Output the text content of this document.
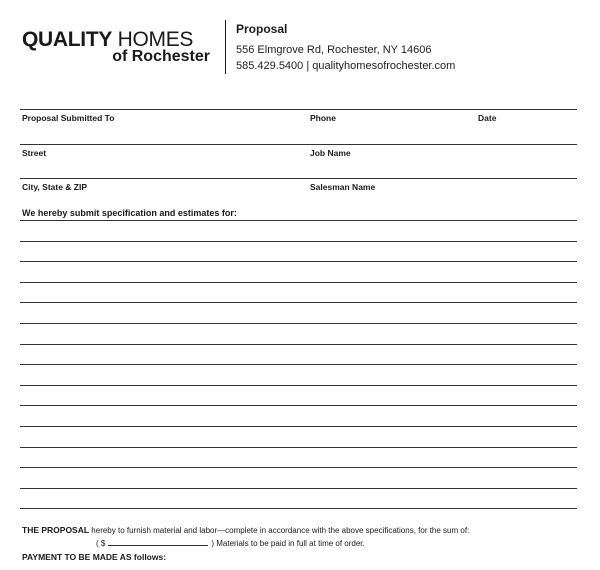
QUALITY HOMES
of Rochester
Proposal
556 Elmgrove Rd, Rochester, NY 14606
585.429.5400 | qualityhomesofrochester.com
Proposal Submitted To	Phone	Date
Street	Job Name
City, State & ZIP	Salesman Name
We hereby submit specification and estimates for:
THE PROPOSAL hereby to furnish material and labor—complete in accordance with the above specifications, for the sum of:
( $	) Materials to be paid in full at time of order.
PAYMENT TO BE MADE AS follows:
